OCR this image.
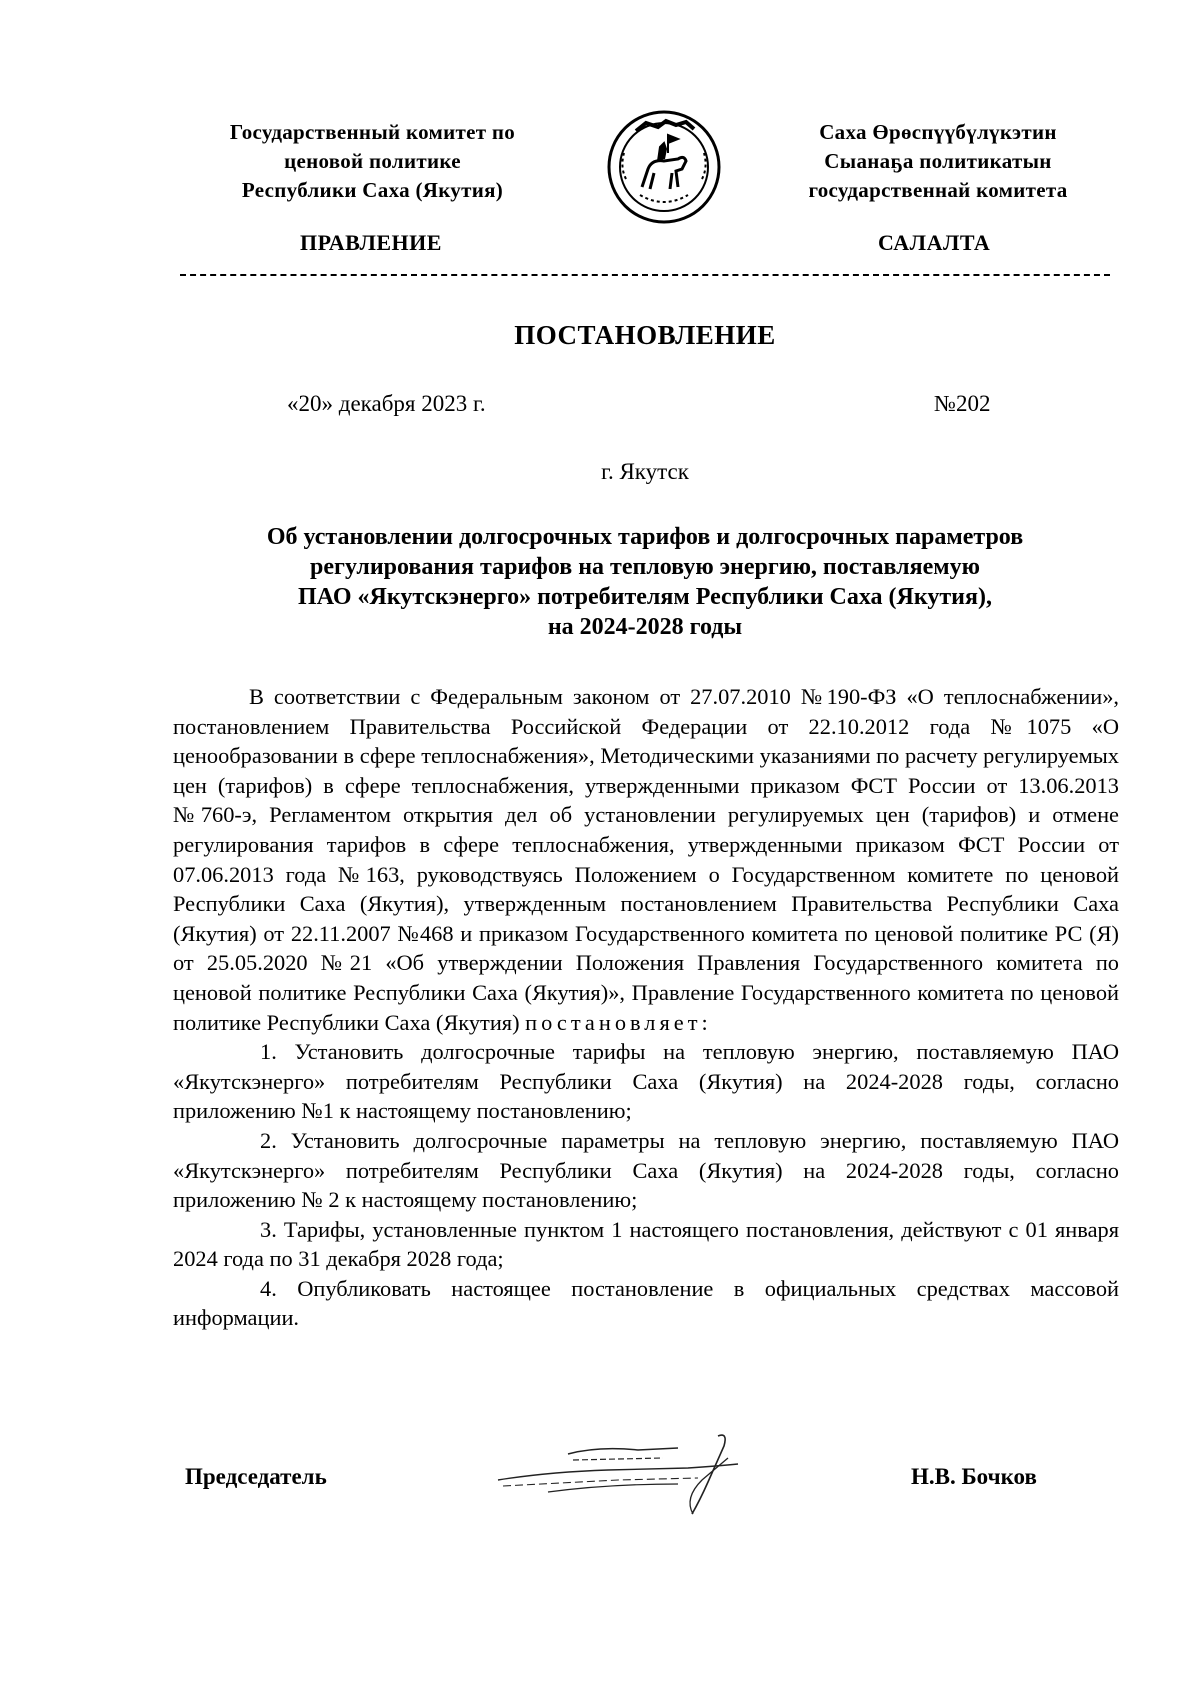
Государственный комитет по
ценовой политике
Республики Саха (Якутия)
Саха Өрөспүүбүлүкэтин
Сыанаҕа политикатын
государственнай комитета
ПРАВЛЕНИЕ	САЛАЛТА
ПОСТАНОВЛЕНИЕ
«20» декабря 2023 г.	№202
г. Якутск
Об установлении долгосрочных тарифов и долгосрочных параметров
регулирования тарифов на тепловую энергию, поставляемую
ПАО «Якутскэнерго» потребителям Республики Саха (Якутия),
на 2024-2028 годы

В соответствии с Федеральным законом от 27.07.2010 №190-ФЗ «О теплоснабжении», постановлением Правительства Российской Федерации от 22.10.2012 года №1075 «О ценообразовании в сфере теплоснабжения», Методическими указаниями по расчету регулируемых цен (тарифов) в сфере теплоснабжения, утвержденными приказом ФСТ России от 13.06.2013 №760-э, Регламентом открытия дел об установлении регулируемых цен (тарифов) и отмене регулирования тарифов в сфере теплоснабжения, утвержденными приказом ФСТ России от 07.06.2013 года №163, руководствуясь Положением о Государственном комитете по ценовой Республики Саха (Якутия), утвержденным постановлением Правительства Республики Саха (Якутия) от 22.11.2007 №468 и приказом Государственного комитета по ценовой политике РС (Я) от 25.05.2020 №21 «Об утверждении Положения Правления Государственного комитета по ценовой политике Республики Саха (Якутия)», Правление Государственного комитета по ценовой политике Республики Саха (Якутия) постановляет:

1. Установить долгосрочные тарифы на тепловую энергию, поставляемую ПАО «Якутскэнерго» потребителям Республики Саха (Якутия) на 2024-2028 годы, согласно приложению №1 к настоящему постановлению;

2. Установить долгосрочные параметры на тепловую энергию, поставляемую ПАО «Якутскэнерго» потребителям Республики Саха (Якутия) на 2024-2028 годы, согласно приложению № 2 к настоящему постановлению;

3. Тарифы, установленные пунктом 1 настоящего постановления, действуют с 01 января 2024 года по 31 декабря 2028 года;

4. Опубликовать настоящее постановление в официальных средствах массовой информации.

Председатель	Н.В. Бочков
